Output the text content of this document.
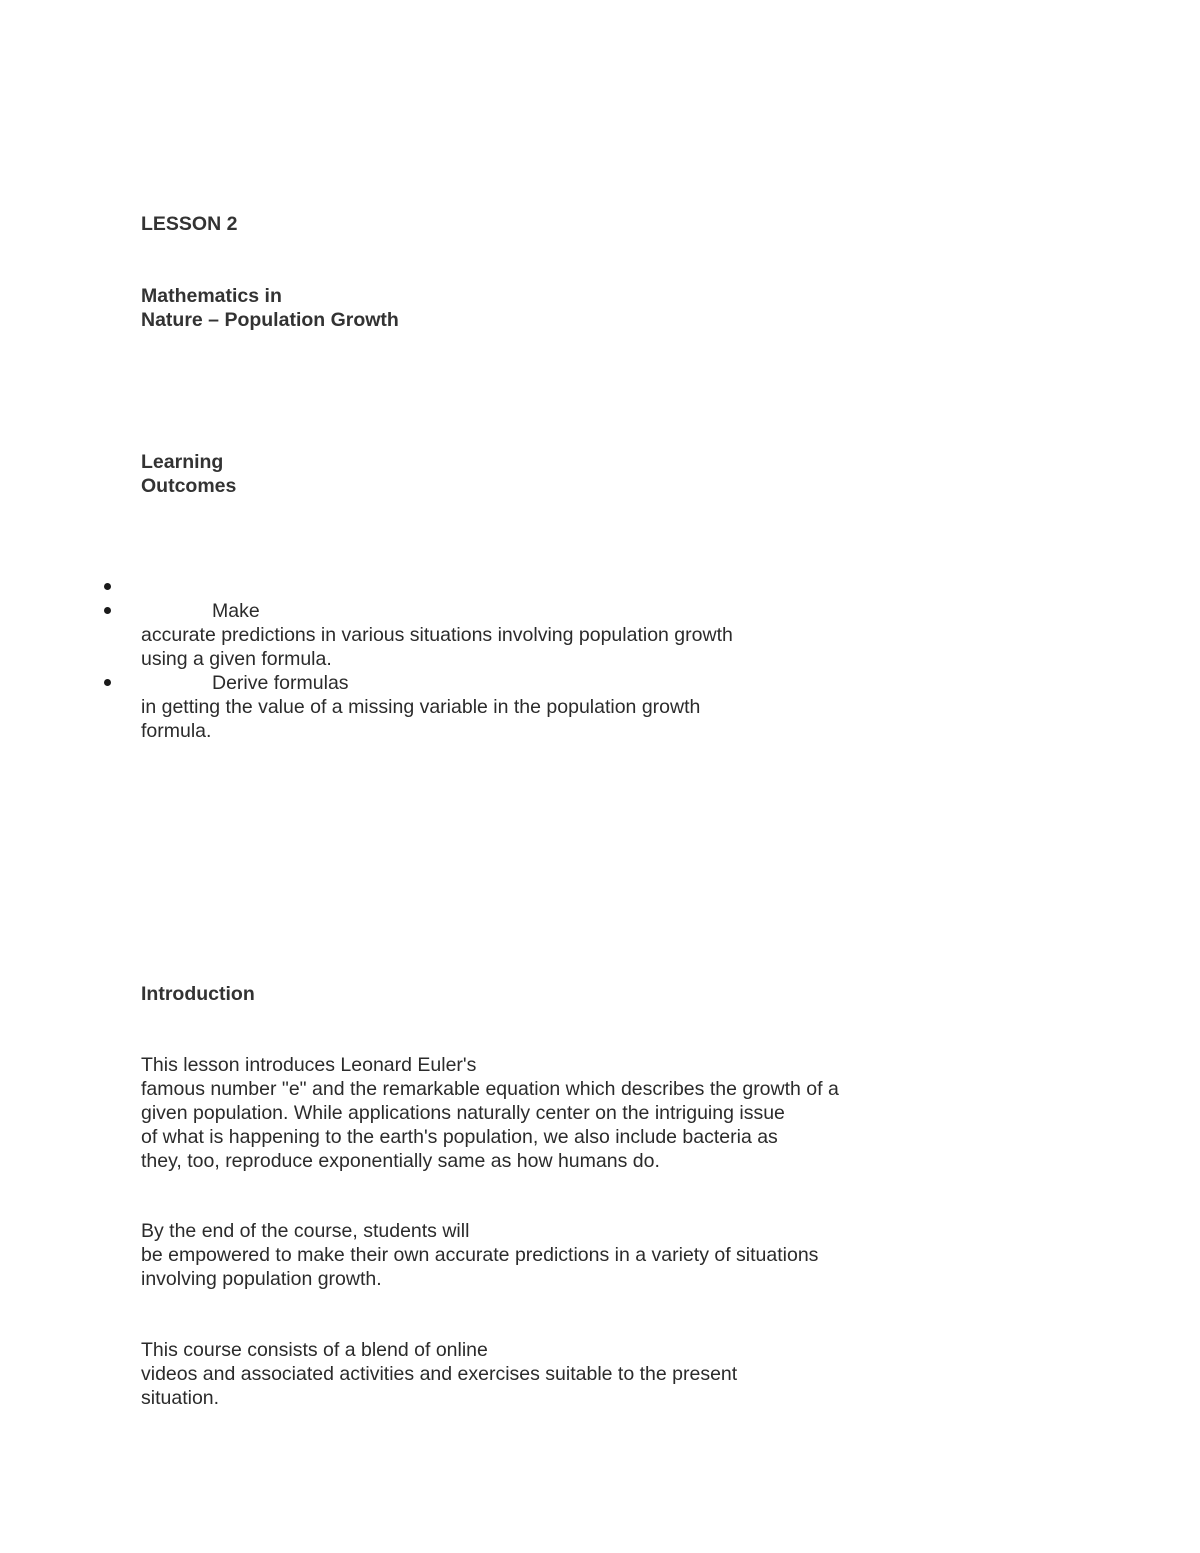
LESSON 2
Mathematics in
Nature – Population Growth
Learning
Outcomes
Make
accurate predictions in various situations involving population growth
using a given formula.
Derive formulas
in getting the value of a missing variable in the population growth
formula.
Introduction
This lesson introduces Leonard Euler's
famous number "e" and the remarkable equation which describes the growth of a
given population. While applications naturally center on the intriguing issue
of what is happening to the earth's population, we also include bacteria as
they, too, reproduce exponentially same as how humans do.
By the end of the course, students will
be empowered to make their own accurate predictions in a variety of situations
involving population growth.
This course consists of a blend of online
videos and associated activities and exercises suitable to the present
situation.
